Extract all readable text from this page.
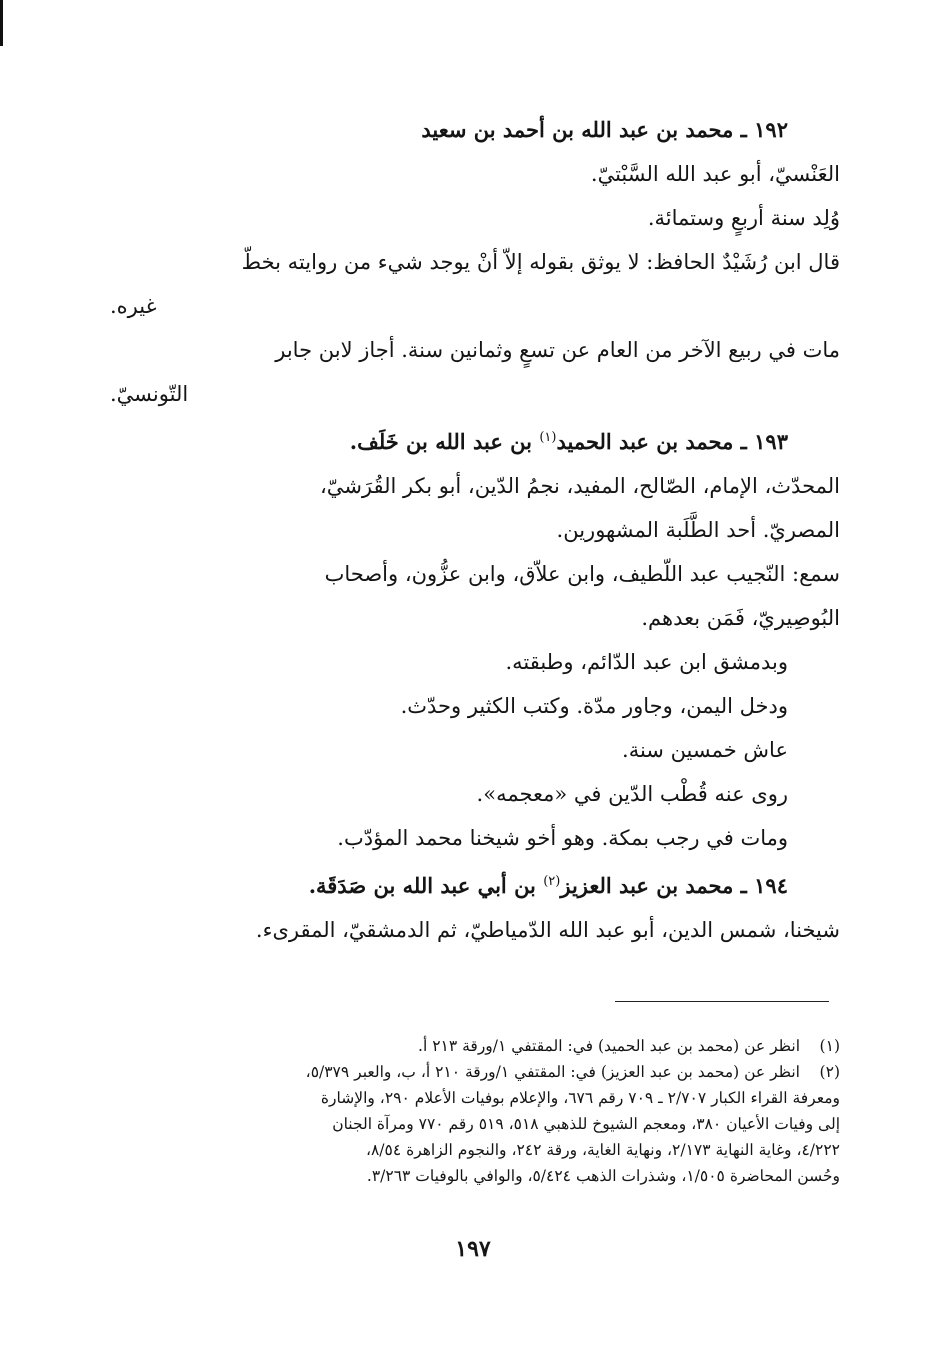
١٩٢ ـ محمد بن عبد الله بن أحمد بن سعيد
العَنْسيّ، أبو عبد الله السَّبْتيّ.
وُلِد سنة أربعٍ وستمائة.
قال ابن رُشَيْدٌ الحافظ: لا يوثق بقوله إلاّ أنْ يوجد شيء من روايته بخطّ
غيره.
مات في ربيع الآخر من العام عن تسعٍ وثمانين سنة. أجاز لابن جابر
التّونسيّ.
١٩٣ ـ محمد بن عبد الحميد$^{(١)}$ بن عبد الله بن خَلَف.
المحدّث، الإمام، الصّالح، المفيد، نجمُ الدّين، أبو بكر القُرَشيّ،
المصريّ. أحد الطَّلَبة المشهورين.
سمع: النّجيب عبد اللّطيف، وابن علاّق، وابن عزُّون، وأصحاب
البُوصِيريّ، فَمَن بعدهم.
وبدمشق ابن عبد الدّائم، وطبقته.
ودخل اليمن، وجاور مدّة. وكتب الكثير وحدّث.
عاش خمسين سنة.
روى عنه قُطْب الدّين في «معجمه».
ومات في رجب بمكة. وهو أخو شيخنا محمد المؤدّب.
١٩٤ ـ محمد بن عبد العزيز$^{(٢)}$ بن أبي عبد الله بن صَدَقَة.
شيخنا، شمس الدين، أبو عبد الله الدّمياطيّ، ثم الدمشقيّ، المقرىء.
(١)
انظر عن (محمد بن عبد الحميد) في: المقتفي ١/ورقة ٢١٣ أ.
(٢)
انظر عن (محمد بن عبد العزيز) في: المقتفي ١/ورقة ٢١٠ أ، ب، والعبر ٥/٣٧٩،
ومعرفة القراء الكبار ٢/٧٠٧ ـ ٧٠٩ رقم ٦٧٦، والإعلام بوفيات الأعلام ٢٩٠، والإشارة
إلى وفيات الأعيان ٣٨٠، ومعجم الشيوخ للذهبي ٥١٨، ٥١٩ رقم ٧٧٠ ومرآة الجنان
٤/٢٢٢، وغاية النهاية ٢/١٧٣، ونهاية الغاية، ورقة ٢٤٢، والنجوم الزاهرة ٨/٥٤،
وحُسن المحاضرة ١/٥٠٥، وشذرات الذهب ٥/٤٢٤، والوافي بالوفيات ٣/٢٦٣.
١٩٧
